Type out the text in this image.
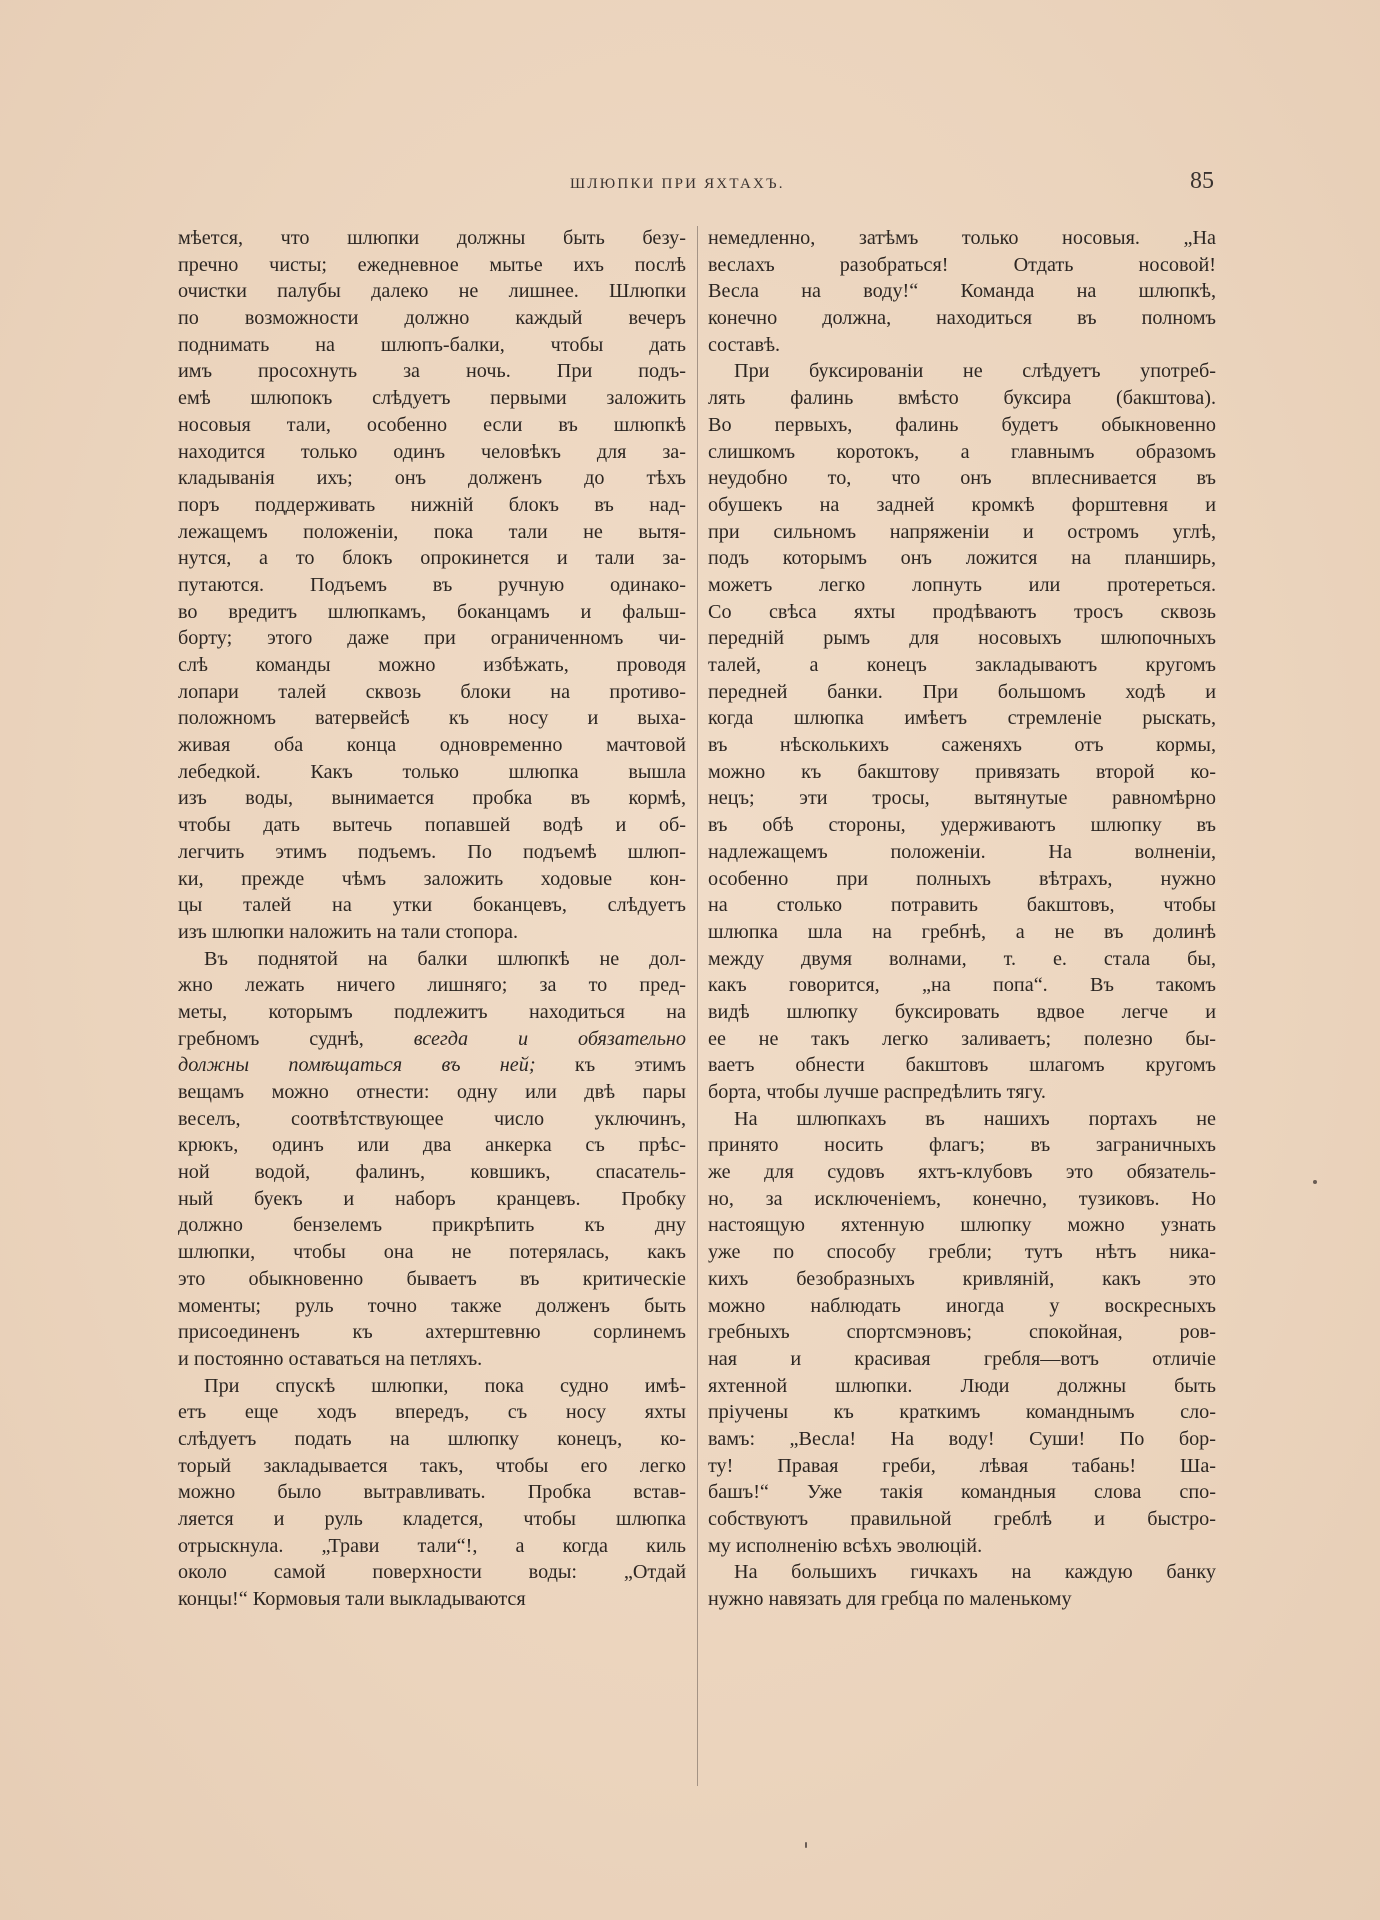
ШЛЮПКИ ПРИ ЯХТАХЪ.	85
мѣется, что шлюпки должны быть безу-
пречно чисты; ежедневное мытье ихъ послѣ
очистки палубы далеко не лишнее. Шлюпки
по возможности должно каждый вечеръ
поднимать на шлюпъ-балки, чтобы дать
имъ просохнуть за ночь. При подъ-
емѣ шлюпокъ слѣдуетъ первыми заложить
носовыя тали, особенно если въ шлюпкѣ
находится только одинъ человѣкъ для за-
кладыванія ихъ; онъ долженъ до тѣхъ
поръ поддерживать нижній блокъ въ над-
лежащемъ положеніи, пока тали не вытя-
нутся, а то блокъ опрокинется и тали за-
путаются. Подъемъ въ ручную одинако-
во вредитъ шлюпкамъ, боканцамъ и фальш-
борту; этого даже при ограниченномъ чи-
слѣ команды можно избѣжать, проводя
лопари талей сквозь блоки на противо-
положномъ ватервейсѣ къ носу и выха-
живая оба конца одновременно мачтовой
лебедкой. Какъ только шлюпка вышла
изъ воды, вынимается пробка въ кормѣ,
чтобы дать вытечь попавшей водѣ и об-
легчить этимъ подъемъ. По подъемѣ шлюп-
ки, прежде чѣмъ заложить ходовые кон-
цы талей на утки боканцевъ, слѣдуетъ
изъ шлюпки наложить на тали стопора.
Въ поднятой на балки шлюпкѣ не дол-
жно лежать ничего лишняго; за то пред-
меты, которымъ подлежитъ находиться на
гребномъ суднѣ, всегда и обязательно
должны помѣщаться въ ней; къ этимъ
вещамъ можно отнести: одну или двѣ пары
веселъ, соотвѣтствующее число уключинъ,
крюкъ, одинъ или два анкерка съ прѣс-
ной водой, фалинъ, ковшикъ, спасатель-
ный буекъ и наборъ кранцевъ. Пробку
должно бензелемъ прикрѣпить къ дну
шлюпки, чтобы она не потерялась, какъ
это обыкновенно бываетъ въ критическіе
моменты; руль точно также долженъ быть
присоединенъ къ ахтерштевню сорлинемъ
и постоянно оставаться на петляхъ.
При спускѣ шлюпки, пока судно имѣ-
етъ еще ходъ впередъ, съ носу яхты
слѣдуетъ подать на шлюпку конецъ, ко-
торый закладывается такъ, чтобы его легко
можно было вытравливать. Пробка встав-
ляется и руль кладется, чтобы шлюпка
отрыскнула. „Трави тали“!, а когда киль
около самой поверхности воды: „Отдай
концы!“ Кормовыя тали выкладываются
немедленно, затѣмъ только носовыя. „На
веслахъ разобраться! Отдать носовой!
Весла на воду!“ Команда на шлюпкѣ,
конечно должна, находиться въ полномъ
составѣ.
При буксированіи не слѣдуетъ употреб-
лять фалинь вмѣсто буксира (бакштова).
Во первыхъ, фалинь будетъ обыкновенно
слишкомъ коротокъ, а главнымъ образомъ
неудобно то, что онъ вплеснивается въ
обушекъ на задней кромкѣ форштевня и
при сильномъ напряженіи и остромъ углѣ,
подъ которымъ онъ ложится на планширь,
можетъ легко лопнуть или протереться.
Со свѣса яхты продѣваютъ тросъ сквозь
передній рымъ для носовыхъ шлюпочныхъ
талей, а конецъ закладываютъ кругомъ
передней банки. При большомъ ходѣ и
когда шлюпка имѣетъ стремленіе рыскать,
въ нѣсколькихъ саженяхъ отъ кормы,
можно къ бакштову привязать второй ко-
нецъ; эти тросы, вытянутые равномѣрно
въ обѣ стороны, удерживаютъ шлюпку въ
надлежащемъ положеніи. На волненіи,
особенно при полныхъ вѣтрахъ, нужно
на столько потравить бакштовъ, чтобы
шлюпка шла на гребнѣ, а не въ долинѣ
между двумя волнами, т. е. стала бы,
какъ говорится, „на попа“. Въ такомъ
видѣ шлюпку буксировать вдвое легче и
ее не такъ легко заливаетъ; полезно бы-
ваетъ обнести бакштовъ шлагомъ кругомъ
борта, чтобы лучше распредѣлить тягу.
На шлюпкахъ въ нашихъ портахъ не
принято носить флагъ; въ заграничныхъ
же для судовъ яхтъ-клубовъ это обязатель-
но, за исключеніемъ, конечно, тузиковъ. Но
настоящую яхтенную шлюпку можно узнать
уже по способу гребли; тутъ нѣтъ ника-
кихъ безобразныхъ кривляній, какъ это
можно наблюдать иногда у воскресныхъ
гребныхъ спортсмэновъ; спокойная, ров-
ная и красивая гребля—вотъ отличіе
яхтенной шлюпки. Люди должны быть
пріучены къ краткимъ команднымъ сло-
вамъ: „Весла! На воду! Суши! По бор-
ту! Правая греби, лѣвая табань! Ша-
башъ!“ Уже такія командныя слова спо-
собствуютъ правильной греблѣ и быстро-
му исполненію всѣхъ эволюцій.
На большихъ гичкахъ на каждую банку
нужно навязать для гребца по маленькому
